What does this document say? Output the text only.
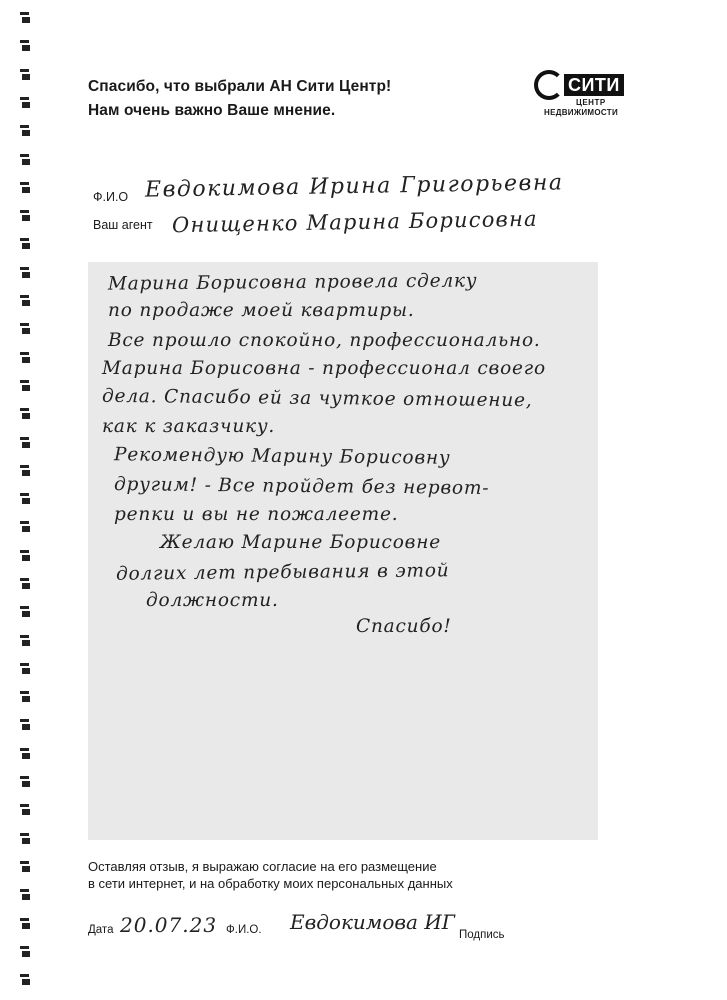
Спасибо, что выбрали АН Сити Центр!
Нам очень важно Ваше мнение.
СИТИ
ЦЕНТР
НЕДВИЖИМОСТИ
Ф.И.О Евдокимова Ирина Григорьевна
Ваш агент Онищенко Марина Борисовна
Марина Борисовна провела сделку
по продаже моей квартиры.
Все прошло спокойно, профессионально.
Марина Борисовна - профессионал своего
дела. Спасибо ей за чуткое отношение,
как к заказчику.
Рекомендую Марину Борисовну
другим! - Все пройдет без нервот-
репки и вы не пожалеете.
Желаю Марине Борисовне
долгих лет пребывания в этой
должности.
Спасибо!
Оставляя отзыв, я выражаю согласие на его размещение
в сети интернет, и на обработку моих персональных данных
Дата 20.07.23 Ф.И.О. Евдокимова ИГ
Подпись
